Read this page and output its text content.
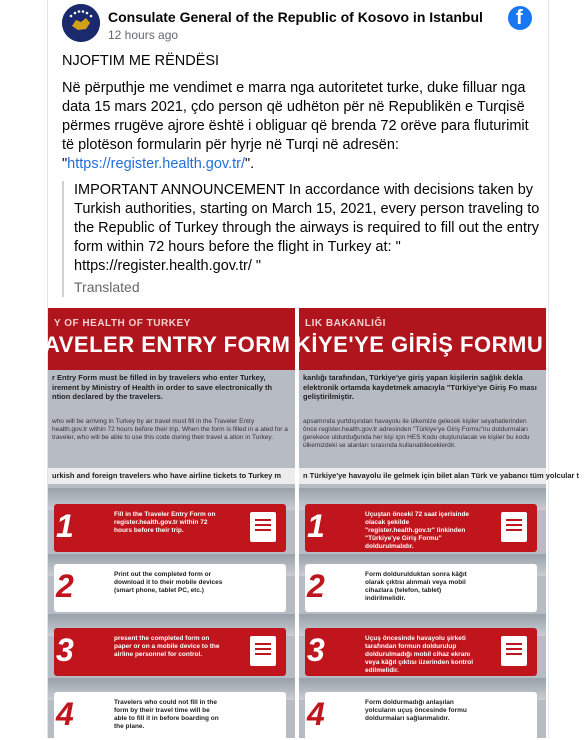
Consulate General of the Republic of Kosovo in Istanbul
12 hours ago
f

NJOFTIM ME RËNDËSI

Në përputhje me vendimet e marra nga autoritetet turke, duke filluar nga data 15 mars 2021, çdo person që udhëton për në Republikën e Turqisë përmes rrugëve ajrore është i obliguar që brenda 72 orëve para fluturimit të plotëson formularin për hyrje në Turqi në adresën: "https://register.health.gov.tr/".

IMPORTANT ANNOUNCEMENT In accordance with decisions taken by Turkish authorities, starting on March 15, 2021, every person traveling to the Republic of Turkey through the airways is required to fill out the entry form within 72 hours before the flight in Turkey at: " https://register.health.gov.tr/ "
Translated
Y OF HEALTH OF TURKEY
AVELER ENTRY FORM
r Entry Form must be filled in by travelers who enter Turkey, irement by Ministry of Health in order to save electronically th ntion declared by the travelers.
who will be arriving in Turkey by air travel must fill in the Traveler Entry health.gov.tr within 72 hours before their trip. When the form is filled in a ated for a traveler, who will be able to use this code during their travel a ation in Turkey.
urkish and foreign travelers who have airline tickets to Turkey m
1	Fill in the Traveler Entry Form on register.health.gov.tr within 72 hours before their trip.
2	Print out the completed form or download it to their mobile devices (smart phone, tablet PC, etc.)
3	present the completed form on paper or on a mobile device to the airline personnel for control.
4	Travelers who could not fill in the form by their travel time will be able to fill it in before boarding on the plane.
LIK BAKANLIĞI
KİYE'YE GİRİŞ FORMU
kanlığı tarafından, Türkiye'ye giriş yapan kişilerin sağlık dekla elektronik ortamda kaydetmek amacıyla "Türkiye'ye Giriş Fo ması geliştirilmiştir.
apsamında yurtdışından havayolu ile ülkemize gelecek kişiler seyahatlerinden önce register.health.gov.tr adresinden "Türkiye'ye Giriş Formu"nu doldurmaları gerekece uldurduğunda her kişi için HES Kodu oluşturulacak ve kişiler bu kodu ülkemizdeki se alanları sırasında kullanabileceklerdir.
n Türkiye'ye havayolu ile gelmek için bilet alan Türk ve yabancı tüm yolcular t
1	Uçuştan önceki 72 saat içerisinde olacak şekilde "register.health.gov.tr" linkinden "Türkiye'ye Giriş Formu" doldurulmalıdır.
2	Form doldurulduktan sonra kâğıt olarak çıktısı alınmalı veya mobil cihazlara (telefon, tablet) indirilmelidir.
3	Uçuş öncesinde havayolu şirketi tarafından formun doldurulup doldurulmadığı mobil cihaz ekranı veya kâğıt çıktısı üzerinden kontrol edilmelidir.
4	Form doldurmadığı anlaşılan yolcuların uçuş öncesinde formu doldurmaları sağlanmalıdır.
